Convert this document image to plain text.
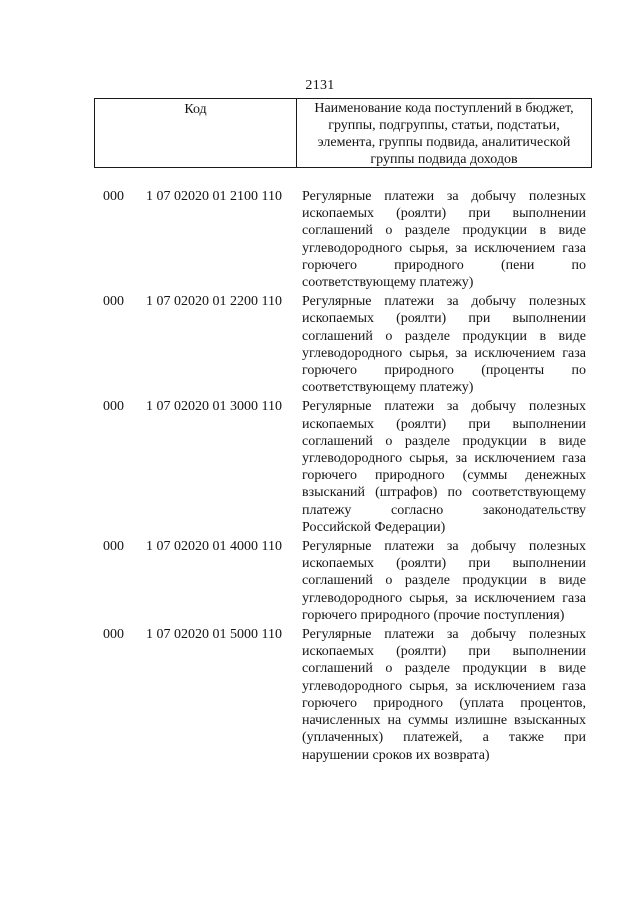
2131
Код	Наименование кода поступлений в бюджет, группы, подгруппы, статьи, подстатьи, элемента, группы подвида, аналитической группы подвида доходов
000 1 07 02020 01 2100 110 Регулярные платежи за добычу полезных ископаемых (роялти) при выполнении соглашений о разделе продукции в виде углеводородного сырья, за исключением газа горючего природного (пени по соответствующему платежу)
000 1 07 02020 01 2200 110 Регулярные платежи за добычу полезных ископаемых (роялти) при выполнении соглашений о разделе продукции в виде углеводородного сырья, за исключением газа горючего природного (проценты по соответствующему платежу)
000 1 07 02020 01 3000 110 Регулярные платежи за добычу полезных ископаемых (роялти) при выполнении соглашений о разделе продукции в виде углеводородного сырья, за исключением газа горючего природного (суммы денежных взысканий (штрафов) по соответствующему платежу согласно законодательству Российской Федерации)
000 1 07 02020 01 4000 110 Регулярные платежи за добычу полезных ископаемых (роялти) при выполнении соглашений о разделе продукции в виде углеводородного сырья, за исключением газа горючего природного (прочие поступления)
000 1 07 02020 01 5000 110 Регулярные платежи за добычу полезных ископаемых (роялти) при выполнении соглашений о разделе продукции в виде углеводородного сырья, за исключением газа горючего природного (уплата процентов, начисленных на суммы излишне взысканных (уплаченных) платежей, а также при нарушении сроков их возврата)
